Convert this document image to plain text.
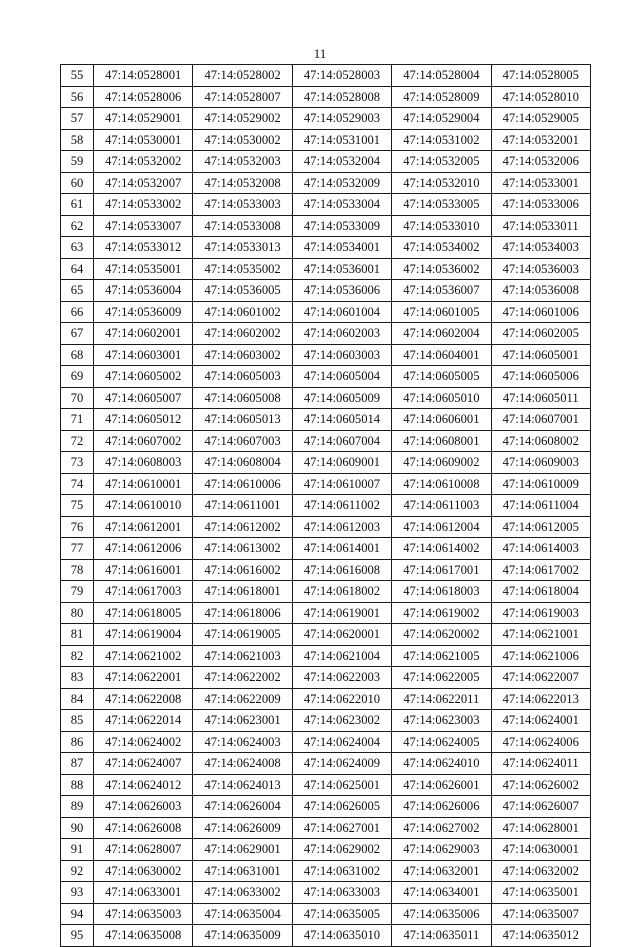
11
55	47:14:0528001	47:14:0528002	47:14:0528003	47:14:0528004	47:14:0528005
56	47:14:0528006	47:14:0528007	47:14:0528008	47:14:0528009	47:14:0528010
57	47:14:0529001	47:14:0529002	47:14:0529003	47:14:0529004	47:14:0529005
58	47:14:0530001	47:14:0530002	47:14:0531001	47:14:0531002	47:14:0532001
59	47:14:0532002	47:14:0532003	47:14:0532004	47:14:0532005	47:14:0532006
60	47:14:0532007	47:14:0532008	47:14:0532009	47:14:0532010	47:14:0533001
61	47:14:0533002	47:14:0533003	47:14:0533004	47:14:0533005	47:14:0533006
62	47:14:0533007	47:14:0533008	47:14:0533009	47:14:0533010	47:14:0533011
63	47:14:0533012	47:14:0533013	47:14:0534001	47:14:0534002	47:14:0534003
64	47:14:0535001	47:14:0535002	47:14:0536001	47:14:0536002	47:14:0536003
65	47:14:0536004	47:14:0536005	47:14:0536006	47:14:0536007	47:14:0536008
66	47:14:0536009	47:14:0601002	47:14:0601004	47:14:0601005	47:14:0601006
67	47:14:0602001	47:14:0602002	47:14:0602003	47:14:0602004	47:14:0602005
68	47:14:0603001	47:14:0603002	47:14:0603003	47:14:0604001	47:14:0605001
69	47:14:0605002	47:14:0605003	47:14:0605004	47:14:0605005	47:14:0605006
70	47:14:0605007	47:14:0605008	47:14:0605009	47:14:0605010	47:14:0605011
71	47:14:0605012	47:14:0605013	47:14:0605014	47:14:0606001	47:14:0607001
72	47:14:0607002	47:14:0607003	47:14:0607004	47:14:0608001	47:14:0608002
73	47:14:0608003	47:14:0608004	47:14:0609001	47:14:0609002	47:14:0609003
74	47:14:0610001	47:14:0610006	47:14:0610007	47:14:0610008	47:14:0610009
75	47:14:0610010	47:14:0611001	47:14:0611002	47:14:0611003	47:14:0611004
76	47:14:0612001	47:14:0612002	47:14:0612003	47:14:0612004	47:14:0612005
77	47:14:0612006	47:14:0613002	47:14:0614001	47:14:0614002	47:14:0614003
78	47:14:0616001	47:14:0616002	47:14:0616008	47:14:0617001	47:14:0617002
79	47:14:0617003	47:14:0618001	47:14:0618002	47:14:0618003	47:14:0618004
80	47:14:0618005	47:14:0618006	47:14:0619001	47:14:0619002	47:14:0619003
81	47:14:0619004	47:14:0619005	47:14:0620001	47:14:0620002	47:14:0621001
82	47:14:0621002	47:14:0621003	47:14:0621004	47:14:0621005	47:14:0621006
83	47:14:0622001	47:14:0622002	47:14:0622003	47:14:0622005	47:14:0622007
84	47:14:0622008	47:14:0622009	47:14:0622010	47:14:0622011	47:14:0622013
85	47:14:0622014	47:14:0623001	47:14:0623002	47:14:0623003	47:14:0624001
86	47:14:0624002	47:14:0624003	47:14:0624004	47:14:0624005	47:14:0624006
87	47:14:0624007	47:14:0624008	47:14:0624009	47:14:0624010	47:14:0624011
88	47:14:0624012	47:14:0624013	47:14:0625001	47:14:0626001	47:14:0626002
89	47:14:0626003	47:14:0626004	47:14:0626005	47:14:0626006	47:14:0626007
90	47:14:0626008	47:14:0626009	47:14:0627001	47:14:0627002	47:14:0628001
91	47:14:0628007	47:14:0629001	47:14:0629002	47:14:0629003	47:14:0630001
92	47:14:0630002	47:14:0631001	47:14:0631002	47:14:0632001	47:14:0632002
93	47:14:0633001	47:14:0633002	47:14:0633003	47:14:0634001	47:14:0635001
94	47:14:0635003	47:14:0635004	47:14:0635005	47:14:0635006	47:14:0635007
95	47:14:0635008	47:14:0635009	47:14:0635010	47:14:0635011	47:14:0635012
